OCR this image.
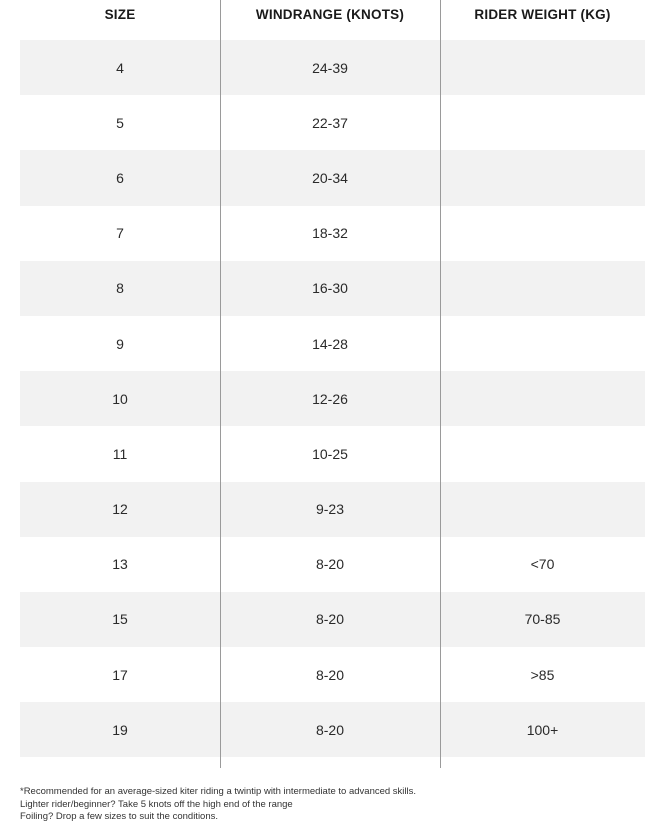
SIZE	WINDRANGE (KNOTS)	RIDER WEIGHT (KG)
4	24-39
5	22-37
6	20-34
7	18-32
8	16-30
9	14-28
10	12-26
11	10-25
12	9-23
13	8-20	<70
15	8-20	70-85
17	8-20	>85
19	8-20	100+
*Recommended for an average-sized kiter riding a twintip with intermediate to advanced skills.
Lighter rider/beginner? Take 5 knots off the high end of the range
Foiling? Drop a few sizes to suit the conditions.
